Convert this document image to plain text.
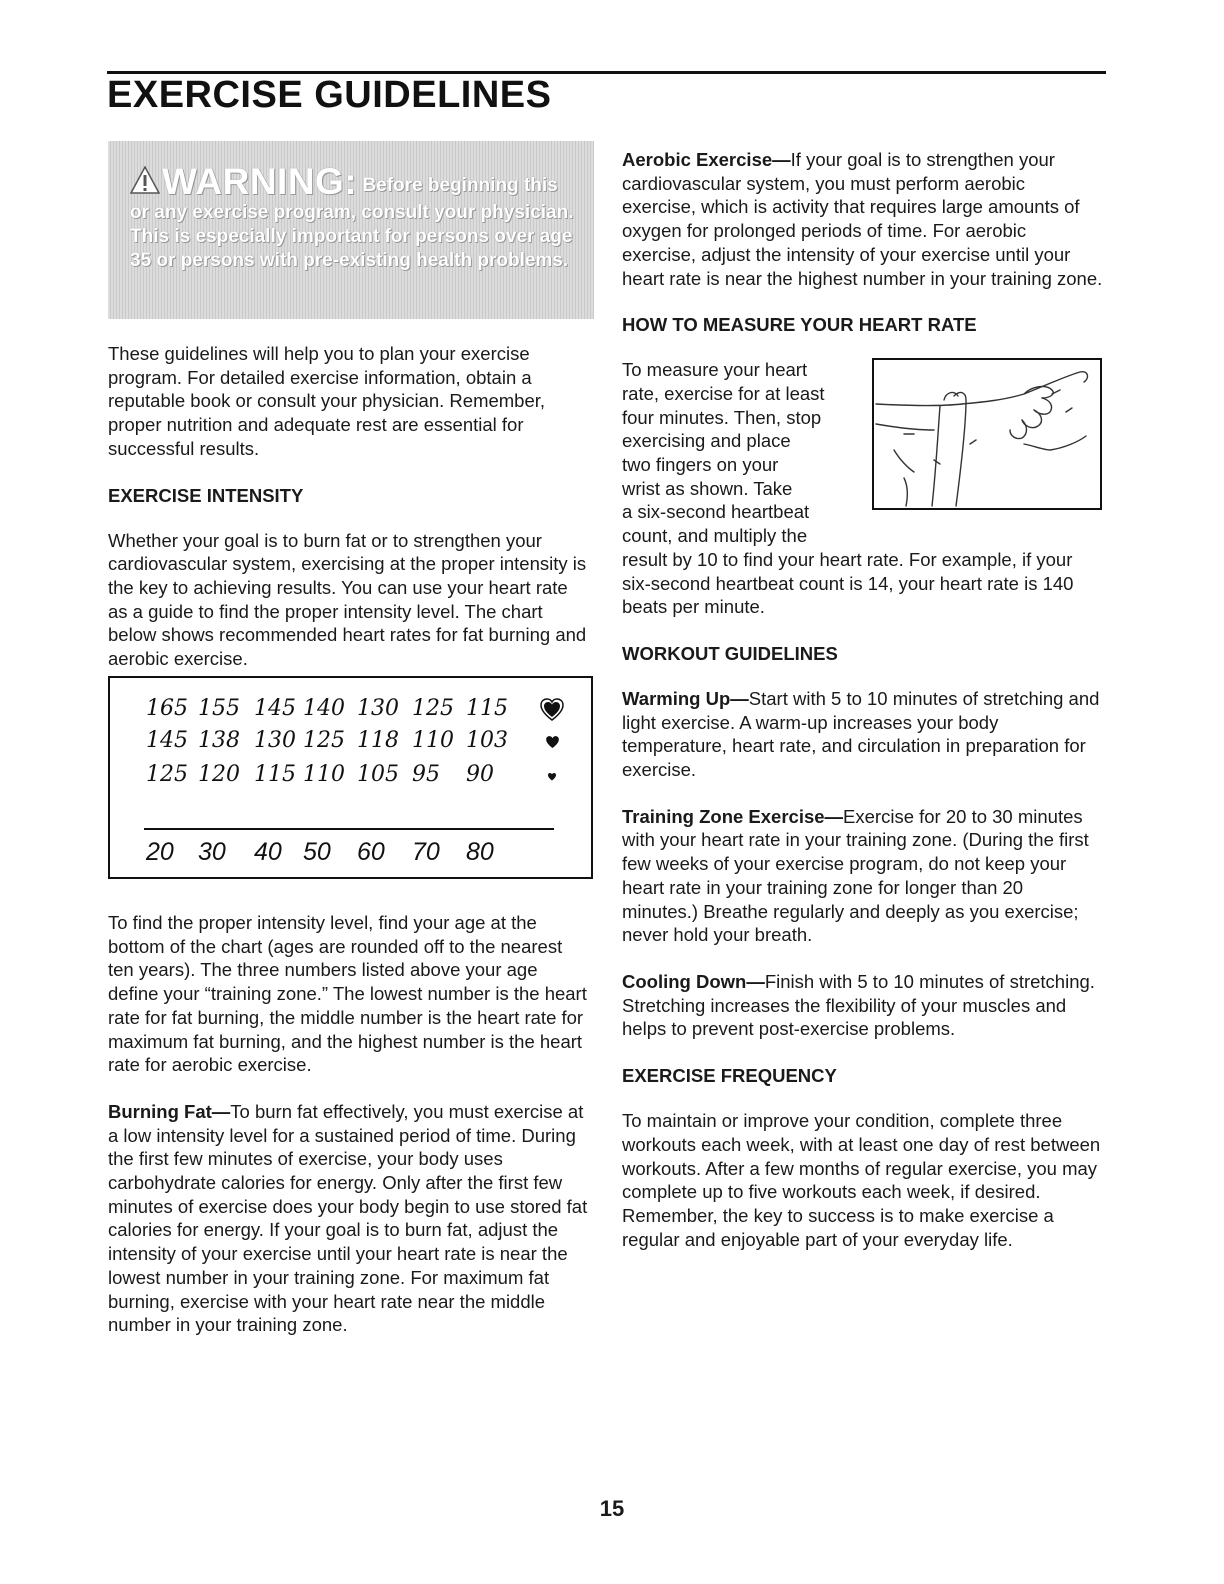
EXERCISE GUIDELINES
WARNING: Before beginning this or any exercise program, consult your physician. This is especially important for persons over age 35 or persons with pre-existing health problems.

These guidelines will help you to plan your exercise program. For detailed exercise information, obtain a reputable book or consult your physician. Remember, proper nutrition and adequate rest are essential for successful results.

EXERCISE INTENSITY

Whether your goal is to burn fat or to strengthen your cardiovascular system, exercising at the proper intensity is the key to achieving results. You can use your heart rate as a guide to find the proper intensity level. The chart below shows recommended heart rates for fat burning and aerobic exercise.

165 155 145 140 130 125 115
145 138 130 125 118 110 103
125 120 115 110 105 95	90
20 30	40 50	60	70	80

To find the proper intensity level, find your age at the bottom of the chart (ages are rounded off to the nearest ten years). The three numbers listed above your age define your “training zone.” The lowest number is the heart rate for fat burning, the middle number is the heart rate for maximum fat burning, and the highest number is the heart rate for aerobic exercise.

Burning Fat—To burn fat effectively, you must exercise at a low intensity level for a sustained period of time. During the first few minutes of exercise, your body uses carbohydrate calories for energy. Only after the first few minutes of exercise does your body begin to use stored fat calories for energy. If your goal is to burn fat, adjust the intensity of your exercise until your heart rate is near the lowest number in your training zone. For maximum fat burning, exercise with your heart rate near the middle number in your training zone.

Aerobic Exercise—If your goal is to strengthen your cardiovascular system, you must perform aerobic exercise, which is activity that requires large amounts of oxygen for prolonged periods of time. For aerobic exercise, adjust the intensity of your exercise until your heart rate is near the highest number in your training zone.

HOW TO MEASURE YOUR HEART RATE
To measure your heart
rate, exercise for at least
four minutes. Then, stop
exercising and place
two fingers on your
wrist as shown. Take
a six-second heartbeat
count, and multiply the

result by 10 to find your heart rate. For example, if your six-second heartbeat count is 14, your heart rate is 140 beats per minute.

WORKOUT GUIDELINES

Warming Up—Start with 5 to 10 minutes of stretching and light exercise. A warm-up increases your body temperature, heart rate, and circulation in preparation for exercise.

Training Zone Exercise—Exercise for 20 to 30 minutes with your heart rate in your training zone. (During the first few weeks of your exercise program, do not keep your heart rate in your training zone for longer than 20 minutes.) Breathe regularly and deeply as you exercise; never hold your breath.

Cooling Down—Finish with 5 to 10 minutes of stretching. Stretching increases the flexibility of your muscles and helps to prevent post-exercise problems.

EXERCISE FREQUENCY

To maintain or improve your condition, complete three workouts each week, with at least one day of rest between workouts. After a few months of regular exercise, you may complete up to five workouts each week, if desired. Remember, the key to success is to make exercise a regular and enjoyable part of your everyday life.

15
